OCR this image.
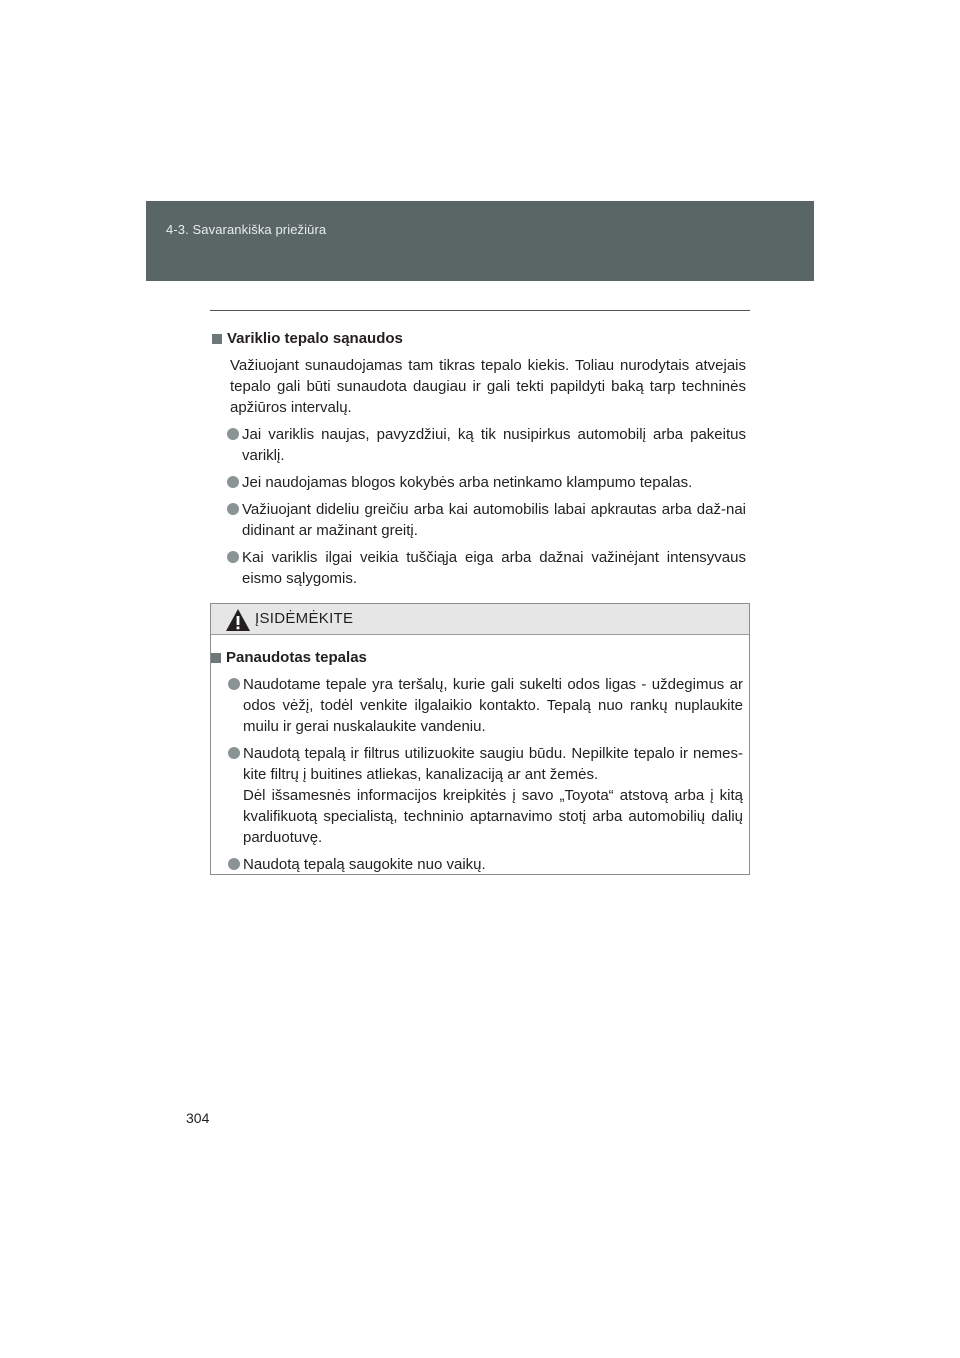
4-3. Savarankiška priežiūra

Variklio tepalo sąnaudos

Važiuojant sunaudojamas tam tikras tepalo kiekis. Toliau nurodytais atvejais tepalo gali būti sunaudota daugiau ir gali tekti papildyti baką tarp techninės apžiūros intervalų.

Jai variklis naujas, pavyzdžiui, ką tik nusipirkus automobilį arba pakeitus variklį.
Jei naudojamas blogos kokybės arba netinkamo klampumo tepalas.
Važiuojant dideliu greičiu arba kai automobilis labai apkrautas arba daž-nai didinant ar mažinant greitį.
Kai variklis ilgai veikia tuščiąja eiga arba dažnai važinėjant intensyvaus eismo sąlygomis.
ĮSIDĖMĖKITE

Panaudotas tepalas

Naudotame tepale yra teršalų, kurie gali sukelti odos ligas - uždegimus ar odos vėžį, todėl venkite ilgalaikio kontakto. Tepalą nuo rankų nuplaukite muilu ir gerai nuskalaukite vandeniu.
Naudotą tepalą ir filtrus utilizuokite saugiu būdu. Nepilkite tepalo ir nemes-kite filtrų į buitines atliekas, kanalizaciją ar ant žemės.
Dėl išsamesnės informacijos kreipkitės į savo „Toyota“ atstovą arba į kitą kvalifikuotą specialistą, techninio aptarnavimo stotį arba automobilių dalių parduotuvę.
Naudotą tepalą saugokite nuo vaikų.
304
